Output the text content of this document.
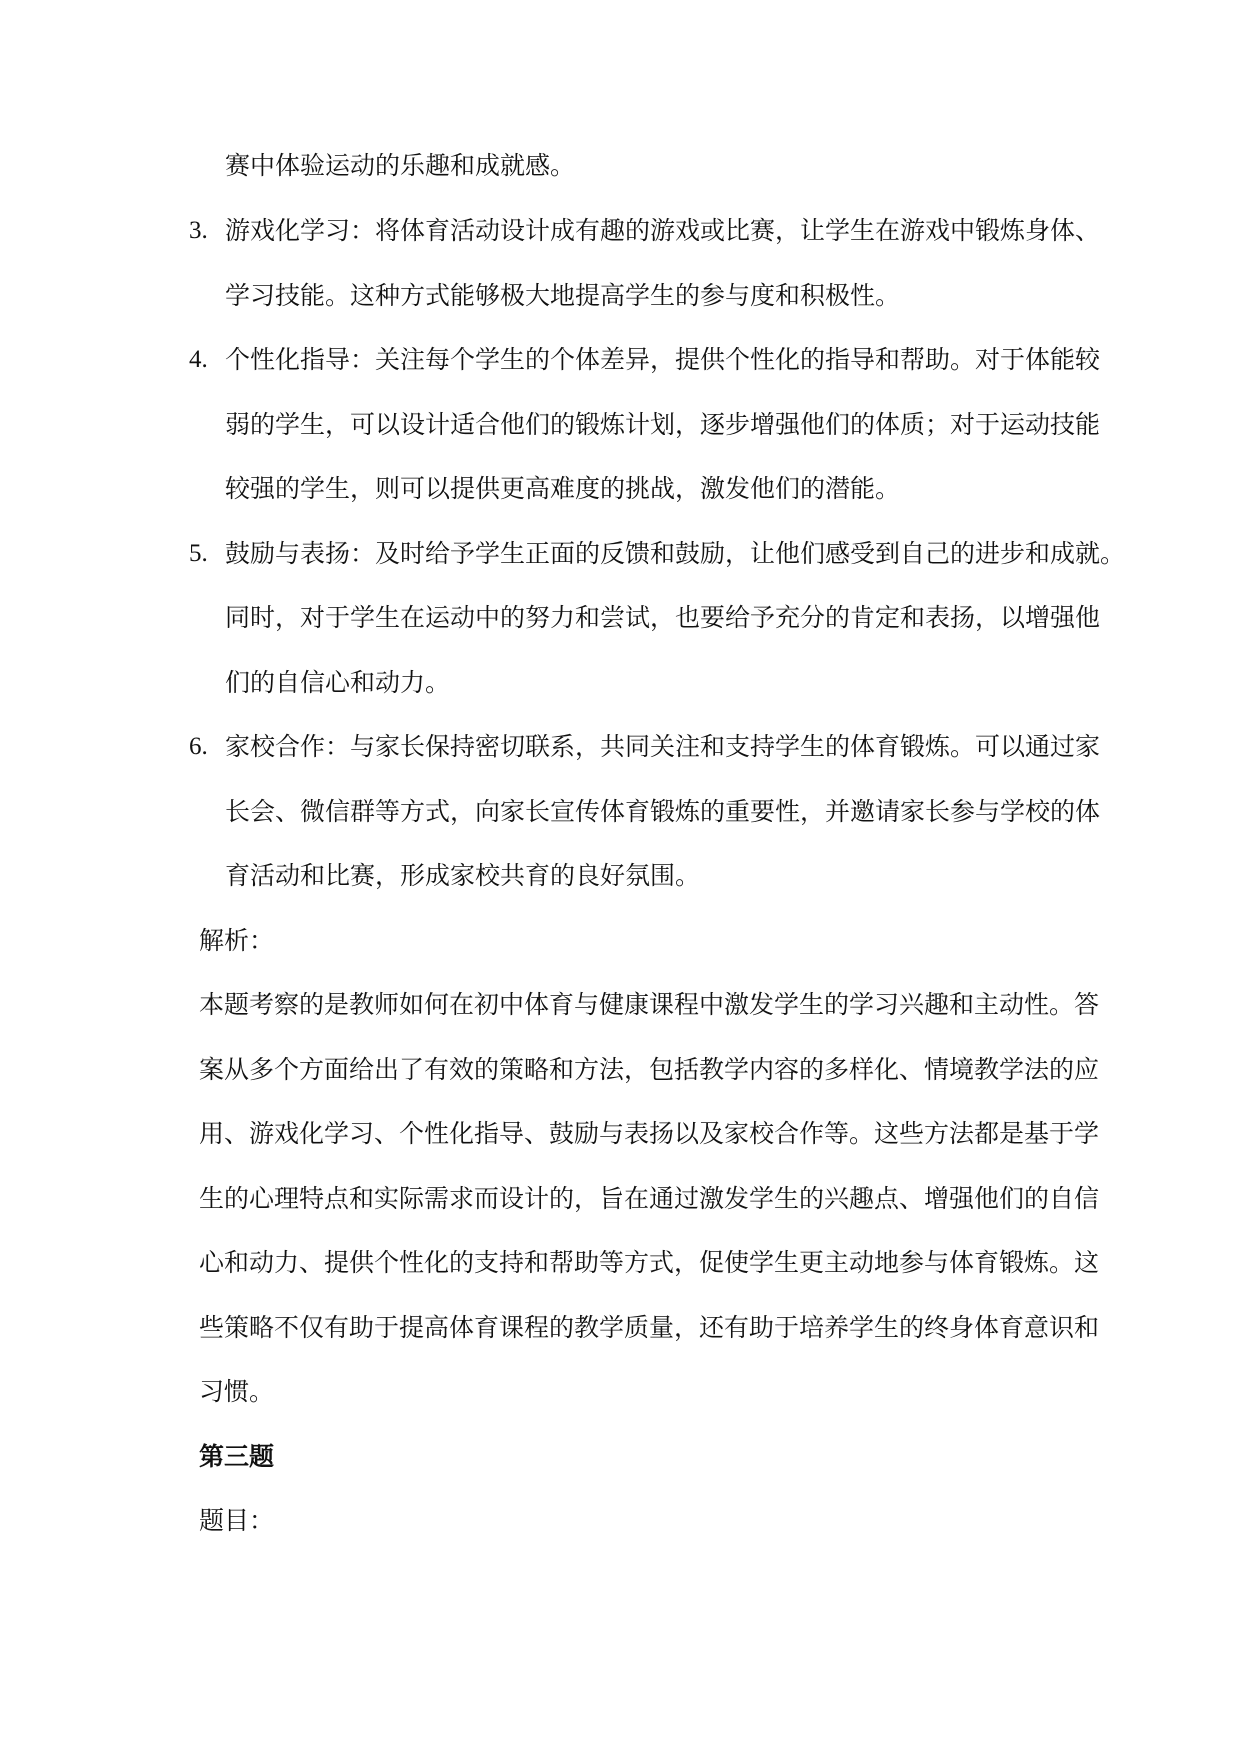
赛中体验运动的乐趣和成就感。
3. 游戏化学习：将体育活动设计成有趣的游戏或比赛，让学生在游戏中锻炼身体、
学习技能。这种方式能够极大地提高学生的参与度和积极性。
4. 个性化指导：关注每个学生的个体差异，提供个性化的指导和帮助。对于体能较
弱的学生，可以设计适合他们的锻炼计划，逐步增强他们的体质；对于运动技能
较强的学生，则可以提供更高难度的挑战，激发他们的潜能。
5. 鼓励与表扬：及时给予学生正面的反馈和鼓励，让他们感受到自己的进步和成就。
同时，对于学生在运动中的努力和尝试，也要给予充分的肯定和表扬，以增强他
们的自信心和动力。
6. 家校合作：与家长保持密切联系，共同关注和支持学生的体育锻炼。可以通过家
长会、微信群等方式，向家长宣传体育锻炼的重要性，并邀请家长参与学校的体
育活动和比赛，形成家校共育的良好氛围。
解析：
本题考察的是教师如何在初中体育与健康课程中激发学生的学习兴趣和主动性。答
案从多个方面给出了有效的策略和方法，包括教学内容的多样化、情境教学法的应
用、游戏化学习、个性化指导、鼓励与表扬以及家校合作等。这些方法都是基于学
生的心理特点和实际需求而设计的，旨在通过激发学生的兴趣点、增强他们的自信
心和动力、提供个性化的支持和帮助等方式，促使学生更主动地参与体育锻炼。这
些策略不仅有助于提高体育课程的教学质量，还有助于培养学生的终身体育意识和
习惯。
第三题
题目：
